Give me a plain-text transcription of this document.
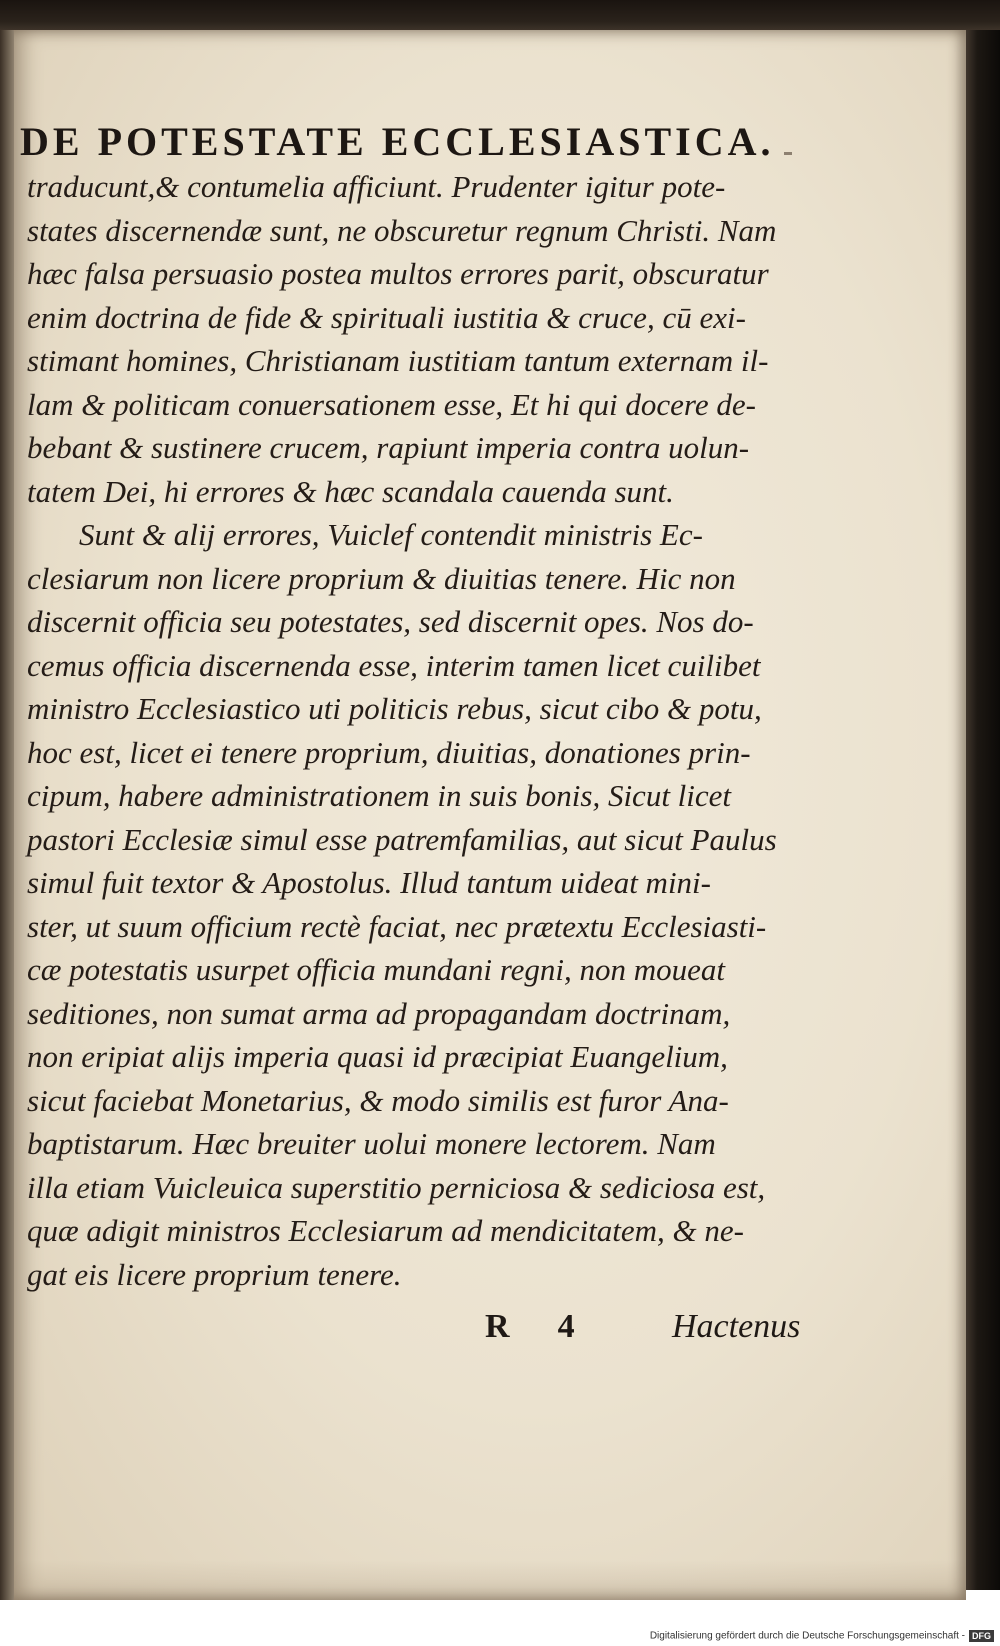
DE POTESTATE ECCLESIASTICA.
traducunt,& contumelia afficiunt. Prudenter igitur pote-
states discernendæ sunt, ne obscuretur regnum Christi. Nam
hæc falsa persuasio postea multos errores parit, obscuratur
enim doctrina de fide & spirituali iustitia & cruce, cū exi-
stimant homines, Christianam iustitiam tantum externam il-
lam & politicam conuersationem esse, Et hi qui docere de-
bebant & sustinere crucem, rapiunt imperia contra uolun-
tatem Dei, hi errores & hæc scandala cauenda sunt.
Sunt & alij errores, Vuiclef contendit ministris Ec-
clesiarum non licere proprium & diuitias tenere. Hic non
discernit officia seu potestates, sed discernit opes. Nos do-
cemus officia discernenda esse, interim tamen licet cuilibet
ministro Ecclesiastico uti politicis rebus, sicut cibo & potu,
hoc est, licet ei tenere proprium, diuitias, donationes prin-
cipum, habere administrationem in suis bonis, Sicut licet
pastori Ecclesiæ simul esse patremfamilias, aut sicut Paulus
simul fuit textor & Apostolus. Illud tantum uideat mini-
ster, ut suum officium rectè faciat, nec prætextu Ecclesiasti-
cæ potestatis usurpet officia mundani regni, non moueat
seditiones, non sumat arma ad propagandam doctrinam,
non eripiat alijs imperia quasi id præcipiat Euangelium,
sicut faciebat Monetarius, & modo similis est furor Ana-
baptistarum. Hæc breuiter uolui monere lectorem. Nam
illa etiam Vuicleuica superstitio perniciosa & sediciosa est,
quæ adigit ministros Ecclesiarum ad mendicitatem, & ne-
gat eis licere proprium tenere.
R 4	Hactenus
Digitalisierung gefördert durch die Deutsche Forschungsgemeinschaft - DFG
